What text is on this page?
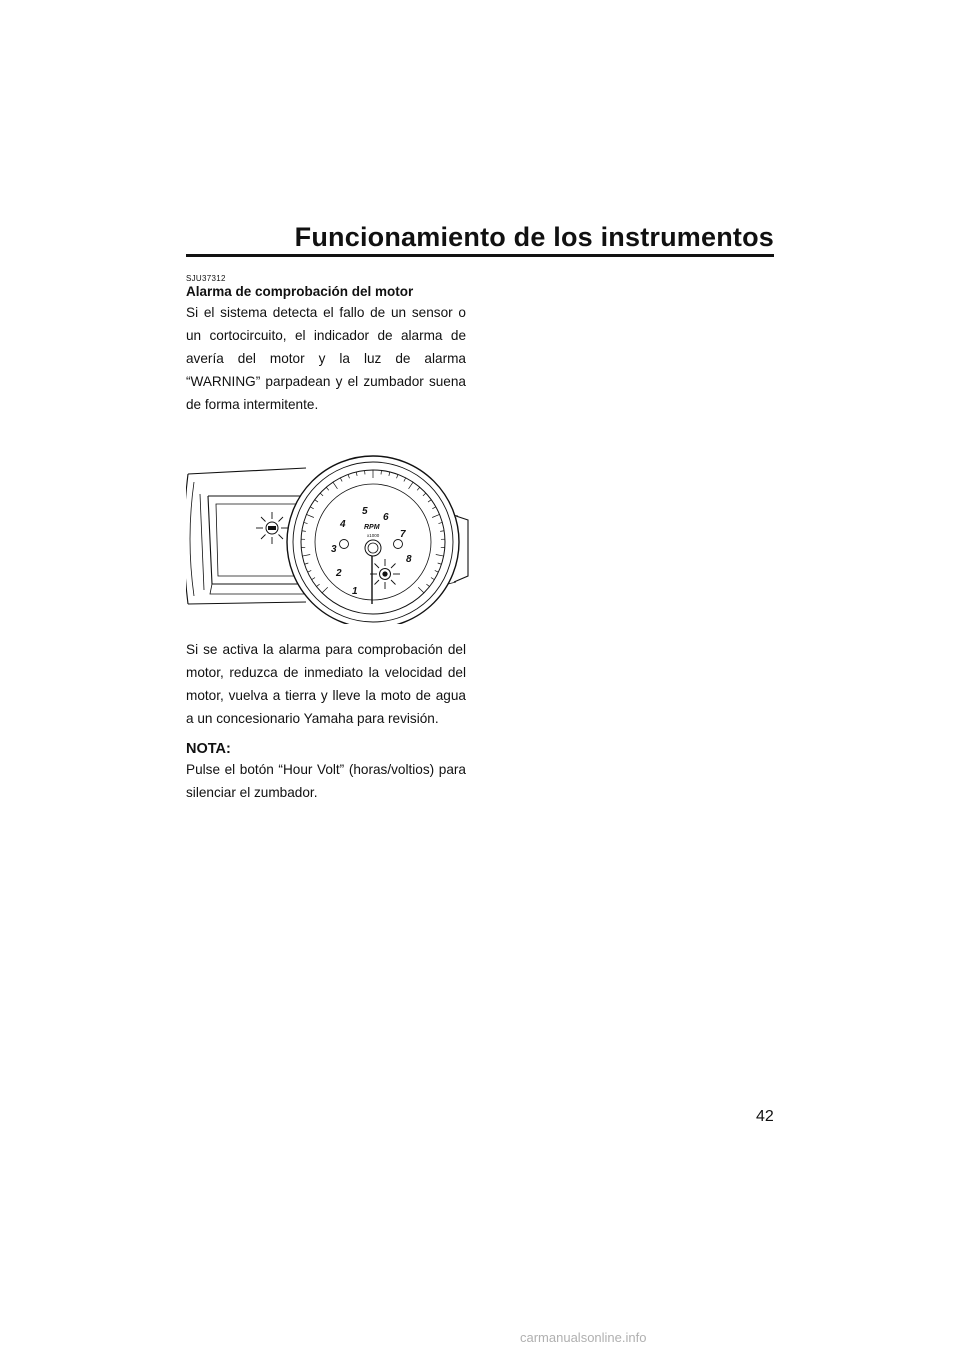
Funcionamiento de los instrumentos

SJU37312

Alarma de comprobación del motor

Si el sistema detecta el fallo de un sensor o un cortocircuito, el indicador de alarma de avería del motor y la luz de alarma “WARNING” parpadean y el zumbador suena de forma intermitente.

1
2
3
4
5
6
7
8
RPM
x1000

Si se activa la alarma para comprobación del motor, reduzca de inmediato la velocidad del motor, vuelva a tierra y lleve la moto de agua a un concesionario Yamaha para revisión.

NOTA:

Pulse el botón “Hour Volt” (horas/voltios) para silenciar el zumbador.

42
carmanualsonline.info
